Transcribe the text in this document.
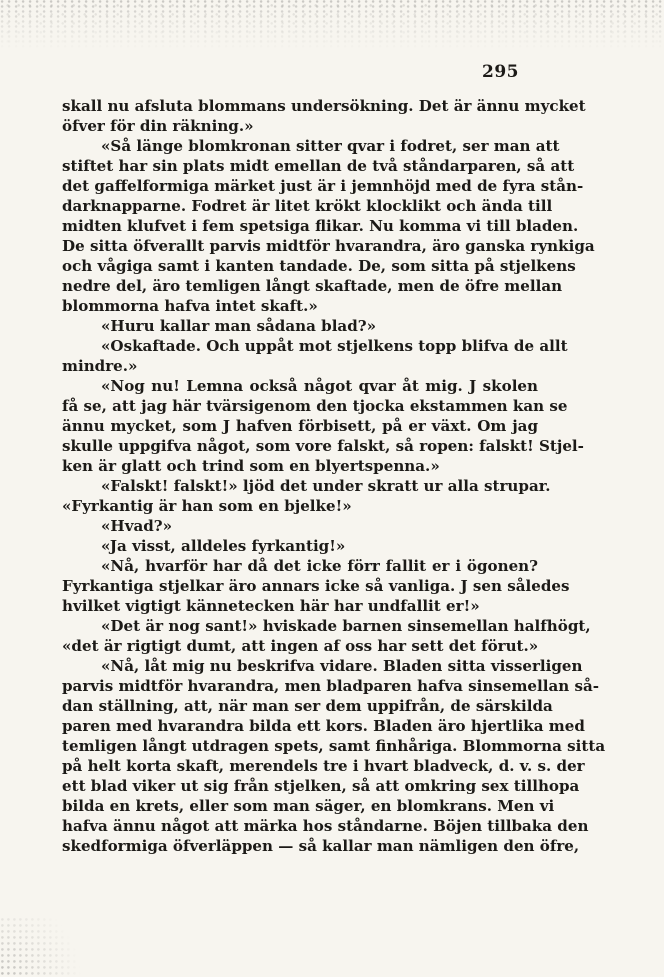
295
skall nu afsluta blommans undersökning. Det är ännu mycket
öfver för din räkning.»
«Så länge blomkronan sitter qvar i fodret, ser man att
stiftet har sin plats midt emellan de två ståndarparen, så att
det gaffelformiga märket just är i jemnhöjd med de fyra stån-
darknapparne. Fodret är litet krökt klocklikt och ända till
midten klufvet i fem spetsiga flikar. Nu komma vi till bladen.
De sitta öfverallt parvis midtför hvarandra, äro ganska rynkiga
och vågiga samt i kanten tandade. De, som sitta på stjelkens
nedre del, äro temligen långt skaftade, men de öfre mellan
blommorna hafva intet skaft.»
«Huru kallar man sådana blad?»
«Oskaftade. Och uppåt mot stjelkens topp blifva de allt
mindre.»
«Nog nu! Lemna också något qvar åt mig. J skolen
få se, att jag här tvärsigenom den tjocka ekstammen kan se
ännu mycket, som J hafven förbisett, på er växt. Om jag
skulle uppgifva något, som vore falskt, så ropen: falskt! Stjel-
ken är glatt och trind som en blyertspenna.»
«Falskt! falskt!» ljöd det under skratt ur alla strupar.
«Fyrkantig är han som en bjelke!»
«Hvad?»
«Ja visst, alldeles fyrkantig!»
«Nå, hvarför har då det icke förr fallit er i ögonen?
Fyrkantiga stjelkar äro annars icke så vanliga. J sen således
hvilket vigtigt kännetecken här har undfallit er!»
«Det är nog sant!» hviskade barnen sinsemellan halfhögt,
«det är rigtigt dumt, att ingen af oss har sett det förut.»
«Nå, låt mig nu beskrifva vidare. Bladen sitta visserligen
parvis midtför hvarandra, men bladparen hafva sinsemellan så-
dan ställning, att, när man ser dem uppifrån, de särskilda
paren med hvarandra bilda ett kors. Bladen äro hjertlika med
temligen långt utdragen spets, samt finhåriga. Blommorna sitta
på helt korta skaft, merendels tre i hvart bladveck, d. v. s. der
ett blad viker ut sig från stjelken, så att omkring sex tillhopa
bilda en krets, eller som man säger, en blomkrans. Men vi
hafva ännu något att märka hos ståndarne. Böjen tillbaka den
skedformiga öfverläppen — så kallar man nämligen den öfre,
